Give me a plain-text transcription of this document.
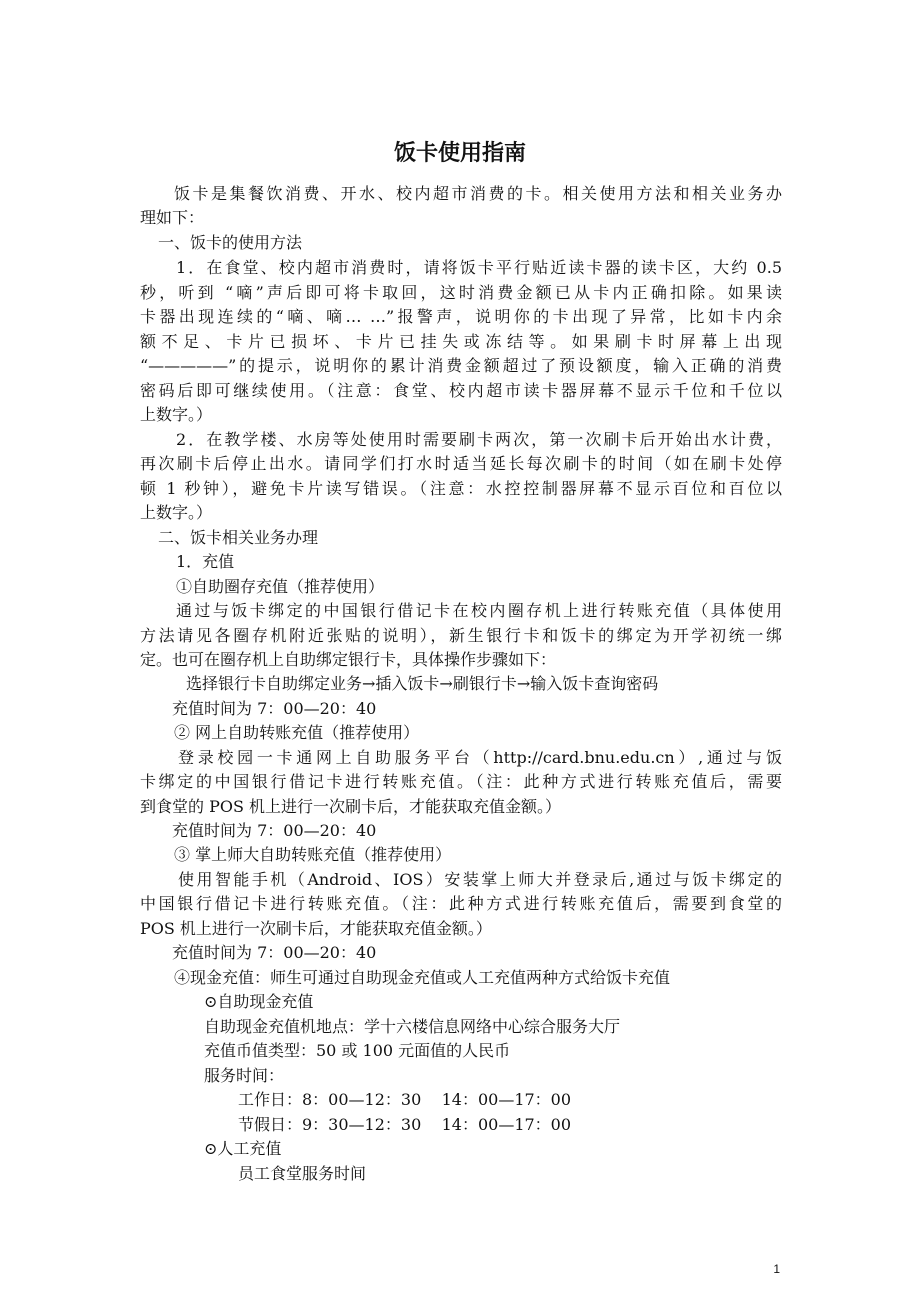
饭卡使用指南
饭卡是集餐饮消费、开水、校内超市消费的卡。相关使用方法和相关业务办
理如下：
一、饭卡的使用方法
1．在食堂、校内超市消费时，请将饭卡平行贴近读卡器的读卡区，大约 0.5
秒，听到 “嘀”声后即可将卡取回，这时消费金额已从卡内正确扣除。如果读
卡器出现连续的“嘀、嘀… …”报警声，说明你的卡出现了异常，比如卡内余
额不足、卡片已损坏、卡片已挂失或冻结等。如果刷卡时屏幕上出现
“—————”的提示，说明你的累计消费金额超过了预设额度，输入正确的消费
密码后即可继续使用。（注意：食堂、校内超市读卡器屏幕不显示千位和千位以
上数字。）
2．在教学楼、水房等处使用时需要刷卡两次，第一次刷卡后开始出水计费，
再次刷卡后停止出水。请同学们打水时适当延长每次刷卡的时间（如在刷卡处停
顿 1 秒钟），避免卡片读写错误。（注意：水控控制器屏幕不显示百位和百位以
上数字。）
二、饭卡相关业务办理
1．充值
①自助圈存充值（推荐使用）
通过与饭卡绑定的中国银行借记卡在校内圈存机上进行转账充值（具体使用
方法请见各圈存机附近张贴的说明），新生银行卡和饭卡的绑定为开学初统一绑
定。也可在圈存机上自助绑定银行卡，具体操作步骤如下：
选择银行卡自助绑定业务→插入饭卡→刷银行卡→输入饭卡查询密码
充值时间为 7：00—20：40
② 网上自助转账充值（推荐使用）
登录校园一卡通网上自助服务平台（http://card.bnu.edu.cn）,通过与饭
卡绑定的中国银行借记卡进行转账充值。（注：此种方式进行转账充值后，需要
到食堂的 POS 机上进行一次刷卡后，才能获取充值金额。）
充值时间为 7：00—20：40
③ 掌上师大自助转账充值（推荐使用）
使用智能手机（Android、IOS）安装掌上师大并登录后,通过与饭卡绑定的
中国银行借记卡进行转账充值。（注：此种方式进行转账充值后，需要到食堂的
POS 机上进行一次刷卡后，才能获取充值金额。）
充值时间为 7：00—20：40
④现金充值：师生可通过自助现金充值或人工充值两种方式给饭卡充值
⊙自助现金充值
自助现金充值机地点：学十六楼信息网络中心综合服务大厅
充值币值类型：50 或 100 元面值的人民币
服务时间：
工作日：8：00—12：30    14：00—17：00
节假日：9：30—12：30    14：00—17：00
⊙人工充值
员工食堂服务时间
1
